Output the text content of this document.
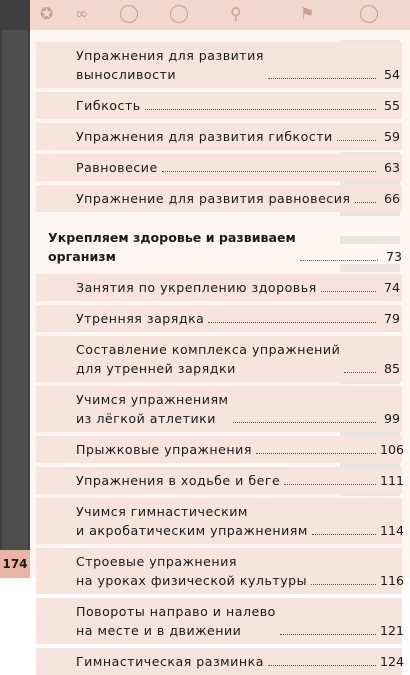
✪ ∞	⚲	⚑
174
Упражнения для развития
выносливости	54
Гибкость	55
Упражнения для развития гибкости	59
Равновесие	63
Упражнение для развития равновесия	66
Укрепляем здоровье и развиваем
организм	73
Занятия по укреплению здоровья	74
Утренняя зарядка	79
Составление комплекса упражнений
для утренней зарядки	85
Учимся упражнениям
из лёгкой атлетики	99
Прыжковые упражнения	106
Упражнения в ходьбе и беге	111
Учимся гимнастическим
и акробатическим упражнениям	114
Строевые упражнения
на уроках физической культуры	116
Повороты направо и налево
на месте и в движении	121
Гимнастическая разминка	124
